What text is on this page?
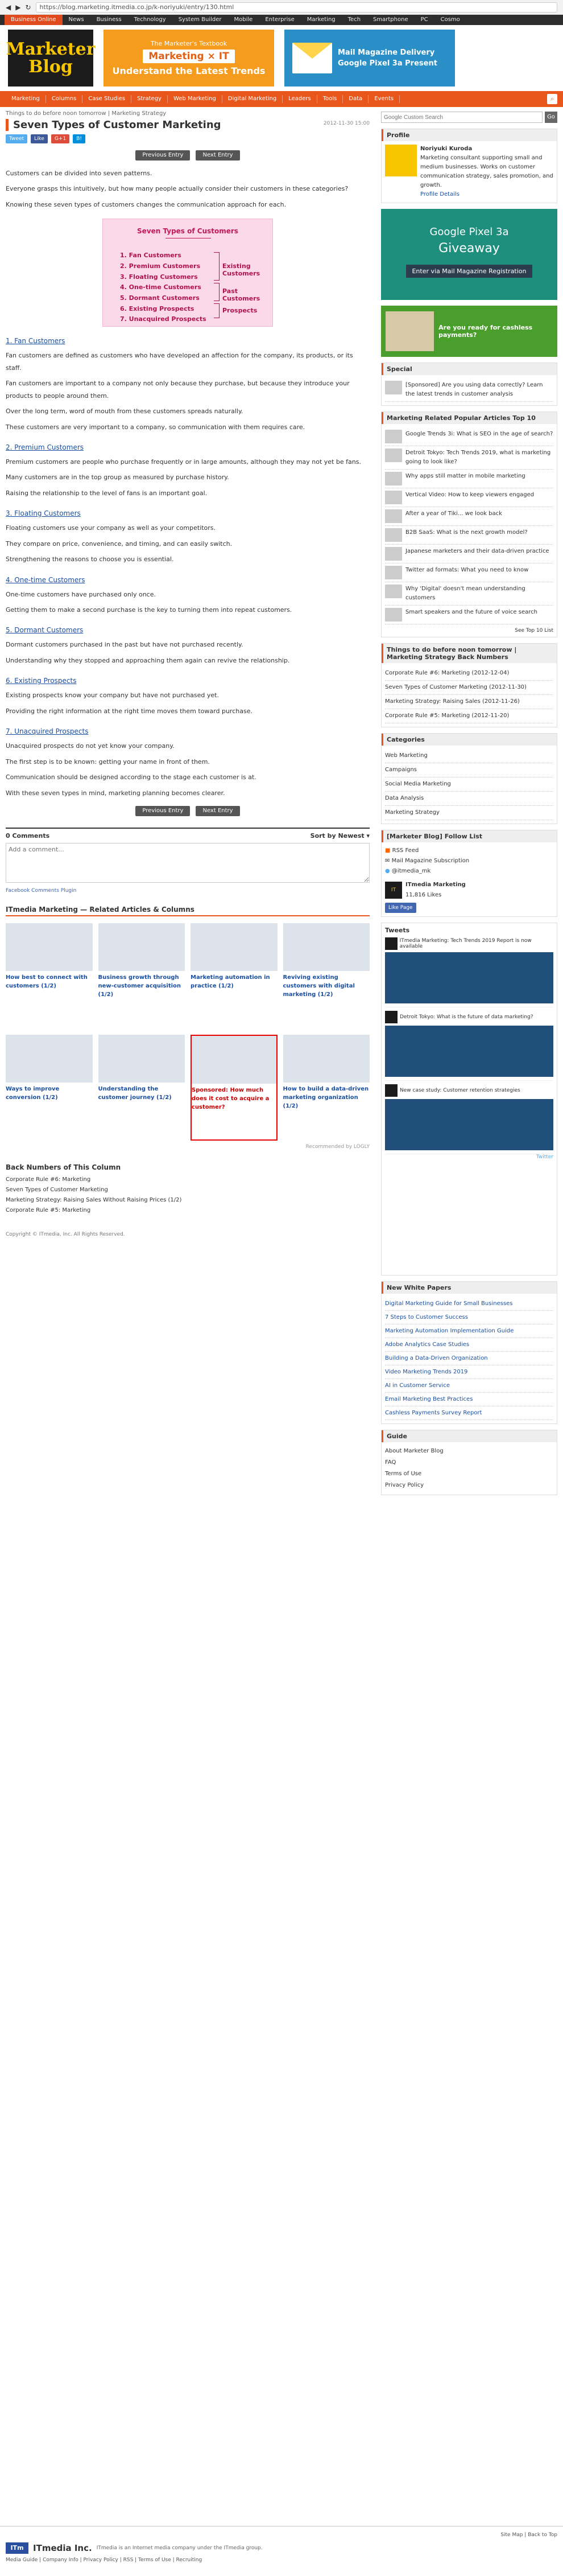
◀ ▶ ↻	https://blog.marketing.itmedia.co.jp/k-noriyuki/entry/130.html
Business Online	News	Business	Technology	System Builder	Mobile	Enterprise	Marketing	Tech	Smartphone	PC	Cosmo
Marketer Blog
The Marketer's Textbook
Marketing × IT
Understand the Latest Trends
Mail Magazine Delivery
Google Pixel 3a Present
Marketing	Columns	Case Studies	Strategy	Web Marketing	Digital Marketing	Leaders	Tools	Data	Events	⌕
Things to do before noon tomorrow | Marketing Strategy
Seven Types of Customer Marketing	2012-11-30 15:00
Tweet	Like	G+1	B!
Previous Entry	Next Entry

Customers can be divided into seven patterns.

Everyone grasps this intuitively, but how many people actually consider their customers in these categories?

Knowing these seven types of customers changes the communication approach for each.

Seven Types of Customers
1. Fan Customers
2. Premium Customers
3. Floating Customers
4. One-time Customers
5. Dormant Customers
6. Existing Prospects
7. Unacquired Prospects
Existing Customers
Past Customers
Prospects
1. Fan Customers

Fan customers are defined as customers who have developed an affection for the company, its products, or its staff.

Fan customers are important to a company not only because they purchase, but because they introduce your products to people around them.

Over the long term, word of mouth from these customers spreads naturally.

These customers are very important to a company, so communication with them requires care.

2. Premium Customers

Premium customers are people who purchase frequently or in large amounts, although they may not yet be fans.

Many customers are in the top group as measured by purchase history.

Raising the relationship to the level of fans is an important goal.

3. Floating Customers

Floating customers use your company as well as your competitors.

They compare on price, convenience, and timing, and can easily switch.

Strengthening the reasons to choose you is essential.

4. One-time Customers

One-time customers have purchased only once.

Getting them to make a second purchase is the key to turning them into repeat customers.

5. Dormant Customers

Dormant customers purchased in the past but have not purchased recently.

Understanding why they stopped and approaching them again can revive the relationship.

6. Existing Prospects

Existing prospects know your company but have not purchased yet.

Providing the right information at the right time moves them toward purchase.

7. Unacquired Prospects

Unacquired prospects do not yet know your company.

The first step is to be known: getting your name in front of them.

Communication should be designed according to the stage each customer is at.

With these seven types in mind, marketing planning becomes clearer.

Previous Entry	Next Entry
0 Comments	Sort by Newest ▾
Add a comment...
Facebook Comments Plugin
ITmedia Marketing — Related Articles & Columns
How best to connect with customers (1/2)
Business growth through new-customer acquisition (1/2)
Marketing automation in practice (1/2)
Reviving existing customers with digital marketing (1/2)
Ways to improve conversion (1/2)
Understanding the customer journey (1/2)
Sponsored: How much does it cost to acquire a customer?
How to build a data-driven marketing organization (1/2)
Recommended by LOGLY
Back Numbers of This Column
Corporate Rule #6: Marketing
Seven Types of Customer Marketing
Marketing Strategy: Raising Sales Without Raising Prices (1/2)
Corporate Rule #5: Marketing
Copyright © ITmedia, Inc. All Rights Reserved.
Google Custom Search
Go
Profile
Noriyuki Kuroda
Marketing consultant supporting small and medium businesses. Works on customer communication strategy, sales promotion, and growth.
Profile Details
Google Pixel 3a
Giveaway
Enter via Mail Magazine Registration
Are you ready for cashless payments?
Special
[Sponsored] Are you using data correctly? Learn the latest trends in customer analysis
Marketing Related Popular Articles Top 10
Google Trends 3i: What is SEO in the age of search?
Detroit Tokyo: Tech Trends 2019, what is marketing going to look like?
Why apps still matter in mobile marketing
Vertical Video: How to keep viewers engaged
After a year of Tiki... we look back
B2B SaaS: What is the next growth model?
Japanese marketers and their data-driven practice
Twitter ad formats: What you need to know
Why 'Digital' doesn't mean understanding customers
Smart speakers and the future of voice search
See Top 10 List
Things to do before noon tomorrow | Marketing Strategy Back Numbers
Corporate Rule #6: Marketing (2012-12-04)
Seven Types of Customer Marketing (2012-11-30)
Marketing Strategy: Raising Sales (2012-11-26)
Corporate Rule #5: Marketing (2012-11-20)
Categories
Web Marketing
Campaigns
Social Media Marketing
Data Analysis
Marketing Strategy
[Marketer Blog] Follow List
■ RSS Feed
✉ Mail Magazine Subscription
● @itmedia_mk
IT
ITmedia Marketing
11,816 Likes
Like Page
Tweets
ITmedia Marketing: Tech Trends 2019 Report is now available
Detroit Tokyo: What is the future of data marketing?
New case study: Customer retention strategies
Twitter
New White Papers
Digital Marketing Guide for Small Businesses
7 Steps to Customer Success
Marketing Automation Implementation Guide
Adobe Analytics Case Studies
Building a Data-Driven Organization
Video Marketing Trends 2019
AI in Customer Service
Email Marketing Best Practices
Cashless Payments Survey Report
Guide
About Marketer Blog
FAQ
Terms of Use
Privacy Policy
Site Map | Back to Top
ITm	ITmedia Inc. ITmedia is an Internet media company under the ITmedia group.
Media Guide | Company Info | Privacy Policy | RSS | Terms of Use | Recruiting
